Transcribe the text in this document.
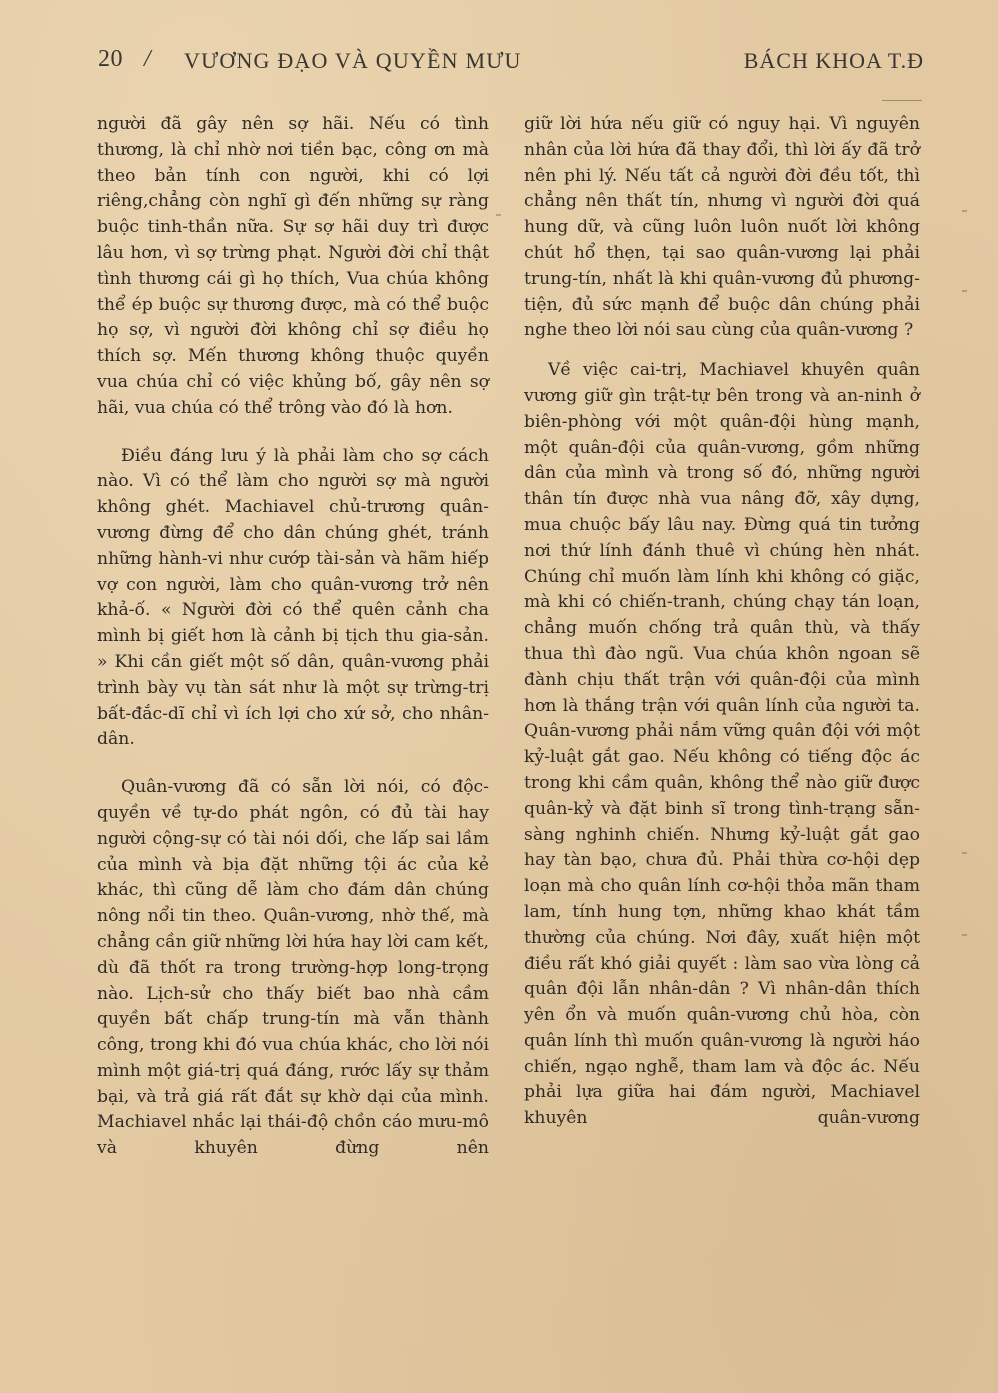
20 / VƯƠNG ĐẠO VÀ QUYỀN MƯU	BÁCH KHOA T.Đ

người đã gây nên sợ hãi. Nếu có tình thương, là chỉ nhờ nơi tiền bạc, công ơn mà theo bản tính con người, khi có lợi riêng,chẳng còn nghĩ gì đến những sự ràng buộc tinh-thần nữa. Sự sợ hãi duy trì được lâu hơn, vì sợ trừng phạt. Người đời chỉ thật tình thương cái gì họ thích, Vua chúa không thể ép buộc sự thương được, mà có thể buộc họ sợ, vì người đời không chỉ sợ điều họ thích sợ. Mến thương không thuộc quyền vua chúa chỉ có việc khủng bố, gây nên sợ hãi, vua chúa có thể trông vào đó là hơn.

Điều đáng lưu ý là phải làm cho sợ cách nào. Vì có thể làm cho người sợ mà người không ghét. Machiavel chủ-trương quân-vương đừng để cho dân chúng ghét, tránh những hành-vi như cướp tài-sản và hãm hiếp vợ con người, làm cho quân-vương trở nên khả-ố. « Người đời có thể quên cảnh cha mình bị giết hơn là cảnh bị tịch thu gia-sản. » Khi cần giết một số dân, quân-vương phải trình bày vụ tàn sát như là một sự trừng-trị bất-đắc-dĩ chỉ vì ích lợi cho xứ sở, cho nhân-dân.

Quân-vương đã có sẵn lời nói, có độc-quyền về tự-do phát ngôn, có đủ tài hay người cộng-sự có tài nói dối, che lấp sai lầm của mình và bịa đặt những tội ác của kẻ khác, thì cũng dễ làm cho đám dân chúng nông nổi tin theo. Quân-vương, nhờ thế, mà chẳng cần giữ những lời hứa hay lời cam kết, dù đã thốt ra trong trường-hợp long-trọng nào. Lịch-sử cho thấy biết bao nhà cầm quyền bất chấp trung-tín mà vẫn thành công, trong khi đó vua chúa khác, cho lời nói mình một giá-trị quá đáng, rước lấy sự thảm bại, và trả giá rất đắt sự khờ dại của mình. Machiavel nhắc lại thái-độ chồn cáo mưu-mô và khuyên đừng nên

giữ lời hứa nếu giữ có nguy hại. Vì nguyên nhân của lời hứa đã thay đổi, thì lời ấy đã trở nên phi lý. Nếu tất cả người đời đều tốt, thì chẳng nên thất tín, nhưng vì người đời quá hung dữ, và cũng luôn luôn nuốt lời không chút hổ thẹn, tại sao quân-vương lại phải trung-tín, nhất là khi quân-vương đủ phương-tiện, đủ sức mạnh để buộc dân chúng phải nghe theo lời nói sau cùng của quân-vương ?

Về việc cai-trị, Machiavel khuyên quân vương giữ gìn trật-tự bên trong và an-ninh ở biên-phòng với một quân-đội hùng mạnh, một quân-đội của quân-vương, gồm những dân của mình và trong số đó, những người thân tín được nhà vua nâng đỡ, xây dựng, mua chuộc bấy lâu nay. Đừng quá tin tưởng nơi thứ lính đánh thuê vì chúng hèn nhát. Chúng chỉ muốn làm lính khi không có giặc, mà khi có chiến-tranh, chúng chạy tán loạn, chẳng muốn chống trả quân thù, và thấy thua thì đào ngũ. Vua chúa khôn ngoan sẽ đành chịu thất trận với quân-đội của mình hơn là thắng trận với quân lính của người ta. Quân-vương phải nắm vững quân đội với một kỷ-luật gắt gao. Nếu không có tiếng độc ác trong khi cầm quân, không thể nào giữ được quân-kỷ và đặt binh sĩ trong tình-trạng sẵn-sàng nghinh chiến. Nhưng kỷ-luật gắt gao hay tàn bạo, chưa đủ. Phải thừa cơ-hội dẹp loạn mà cho quân lính cơ-hội thỏa mãn tham lam, tính hung tợn, những khao khát tầm thường của chúng. Nơi đây, xuất hiện một điều rất khó giải quyết : làm sao vừa lòng cả quân đội lẫn nhân-dân ? Vì nhân-dân thích yên ổn và muốn quân-vương chủ hòa, còn quân lính thì muốn quân-vương là người háo chiến, ngạo nghễ, tham lam và độc ác. Nếu phải lựa giữa hai đám người, Machiavel khuyên quân-vương
